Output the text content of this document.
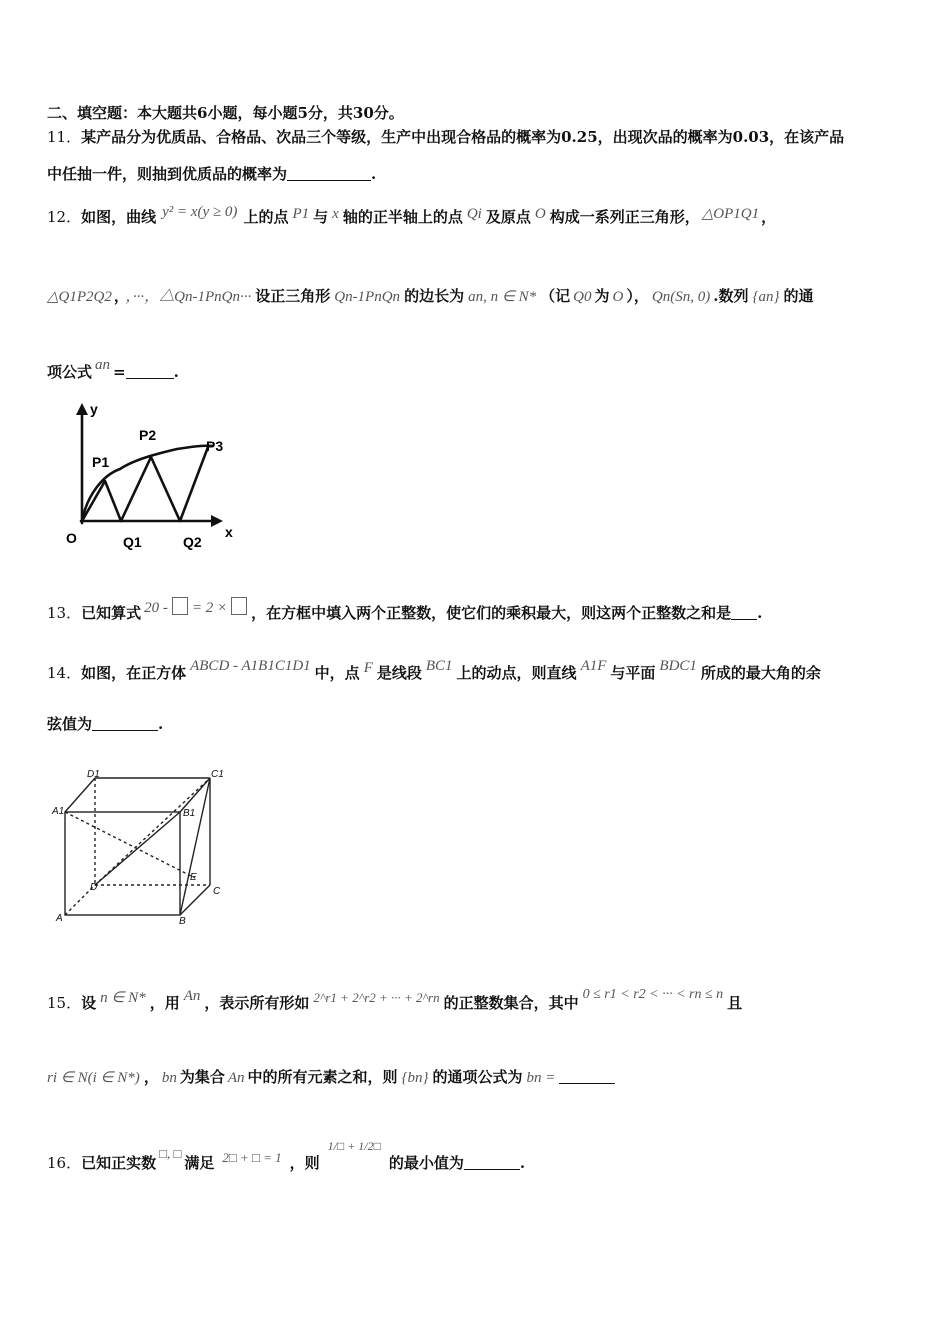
二、填空题：本大题共6小题，每小题5分，共30分。
11．某产品分为优质品、合格品、次品三个等级，生产中出现合格品的概率为0.25，出现次品的概率为0.03，在该产品
中任抽一件，则抽到优质品的概率为	.
12．如图，曲线 y² = x(y ≥ 0) 上的点 P1 与 x 轴的正半轴上的点 Qi 及原点 O 构成一系列正三角形， △OP1Q1 ，
△Q1P2Q2 ， ，···，△Qn-1PnQn··· 设正三角形 Qn-1PnQn 的边长为 an, n ∈ N* （记 Q0 为 O ）， Qn(Sn, 0) .数列 {an} 的通
项公式 an =	.
y
x
O
P1
P2
P3
Q1	Q2
13．已知算式 20 - = 2 × ，在方框中填入两个正整数，使它们的乘积最大，则这两个正整数之和是 .
14．如图，在正方体 ABCD - A1B1C1D1 中，点 F 是线段 BC1 上的动点，则直线 A1F 与平面 BDC1 所成的最大角的余
弦值为	.
D1	C1
A1	B1
D
E
C
A	B
15．设 n ∈ N* ，用 An ，表示所有形如 2^r1 + 2^r2 + ··· + 2^rn 的正整数集合，其中 0 ≤ r1 < r2 < ··· < rn ≤ n 且
ri ∈ N(i ∈ N*) ， bn 为集合 An 中的所有元素之和，则 {bn} 的通项公式为 bn =
16．已知正实数□, □满足 2□ + □ = 1 ，则$^{1/□ + 1/2□}$的最小值为	.
